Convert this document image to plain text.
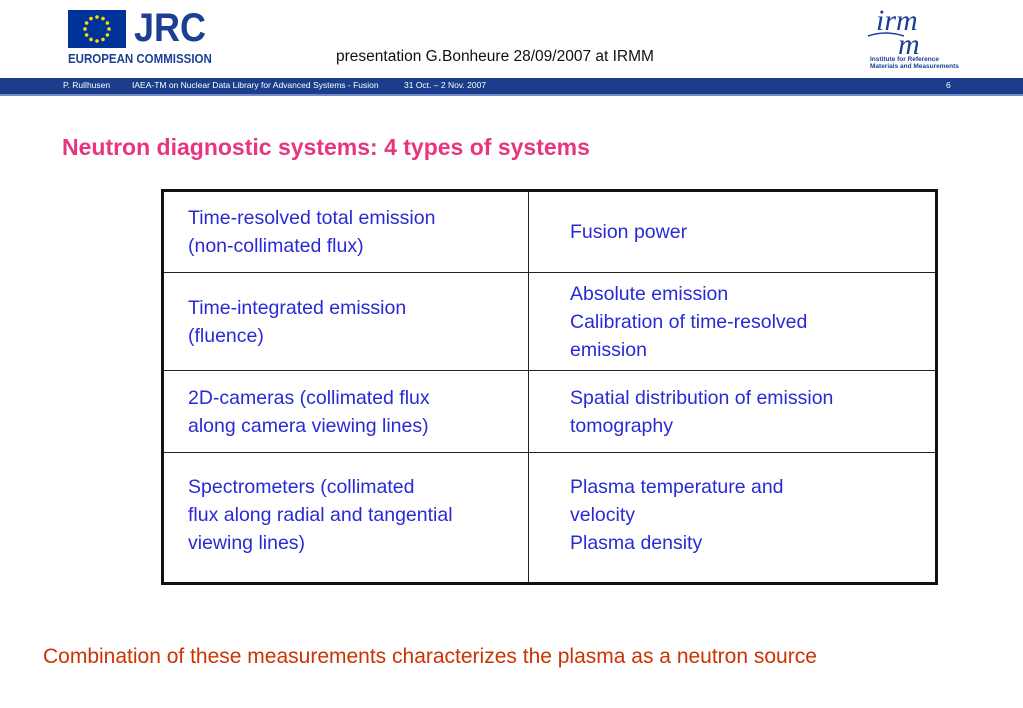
JRC
EUROPEAN COMMISSION	presentation G.Bonheure 28/09/2007 at IRMM
irm
m
Institute for Reference
Materials and Measurements
P. Rullhusen	IAEA-TM on Nuclear Data Library for Advanced Systems - Fusion	31 Oct. – 2 Nov. 2007	6
Neutron diagnostic systems: 4 types of systems
Time-resolved total emission
(non-collimated flux)	Fusion power

Time-integrated emission
(fluence)	Absolute emission
Calibration of time-resolved
emission

2D-cameras (collimated flux
along camera viewing lines)	Spatial distribution of emission
tomography

Spectrometers (collimated
flux along radial and tangential
viewing lines)	Plasma temperature and
velocity
Plasma density
Combination of these measurements characterizes the plasma as a neutron source
